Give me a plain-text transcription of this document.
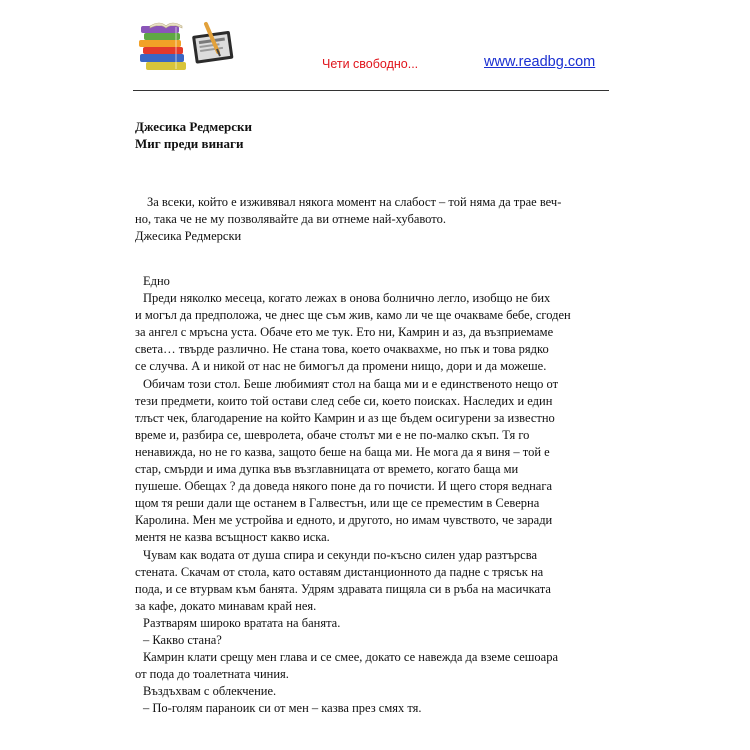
Чети свободно...	www.readbg.com

Джесика Редмерски

Миг преди винаги

За всеки, който е изживявал някога момент на слабост – той няма да трае веч-
но, така че не му позволявайте да ви отнеме най-хубавото.
Джесика Редмерски
Едно
Преди няколко месеца, когато лежах в онова болнично легло, изобщо не бих
и могъл да предположа, че днес ще съм жив, камо ли че ще очакваме бебе, сгоден
за ангел с мръсна уста. Обаче ето ме тук. Ето ни, Камрин и аз, да възприемаме
света… твърде различно. Не стана това, което очаквахме, но пък и това рядко
се случва. А и никой от нас не бимогъл да промени нищо, дори и да можеше.
Обичам този стол. Беше любимият стол на баща ми и е единственото нещо от
тези предмети, които той остави след себе си, което поисках. Наследих и един
тлъст чек, благодарение на който Камрин и аз ще бъдем осигурени за известно
време и, разбира се, шевролета, обаче столът ми е не по-малко скъп. Тя го
ненавижда, но не го казва, защото беше на баща ми. Не мога да я виня – той е
стар, смърди и има дупка във възглавницата от времето, когато баща ми
пушеше. Обещах ? да доведа някого поне да го почисти. И щего сторя веднага
щом тя реши дали ще останем в Галвестън, или ще се преместим в Северна
Каролина. Мен ме устройва и едното, и другото, но имам чувството, че заради
ментя не казва всъщност какво иска.
Чувам как водата от душа спира и секунди по-късно силен удар разтърсва
стената. Скачам от стола, като оставям дистанционното да падне с трясък на
пода, и се втурвам към банята. Удрям здравата пищяла си в ръба на масичката
за кафе, докато минавам край нея.
Разтварям широко вратата на банята.
– Какво стана?
Камрин клати срещу мен глава и се смее, докато се навежда да вземе сешоара
от пода до тоалетната чиния.
Въздъхвам с облекчение.
– По-голям параноик си от мен – казва през смях тя.
